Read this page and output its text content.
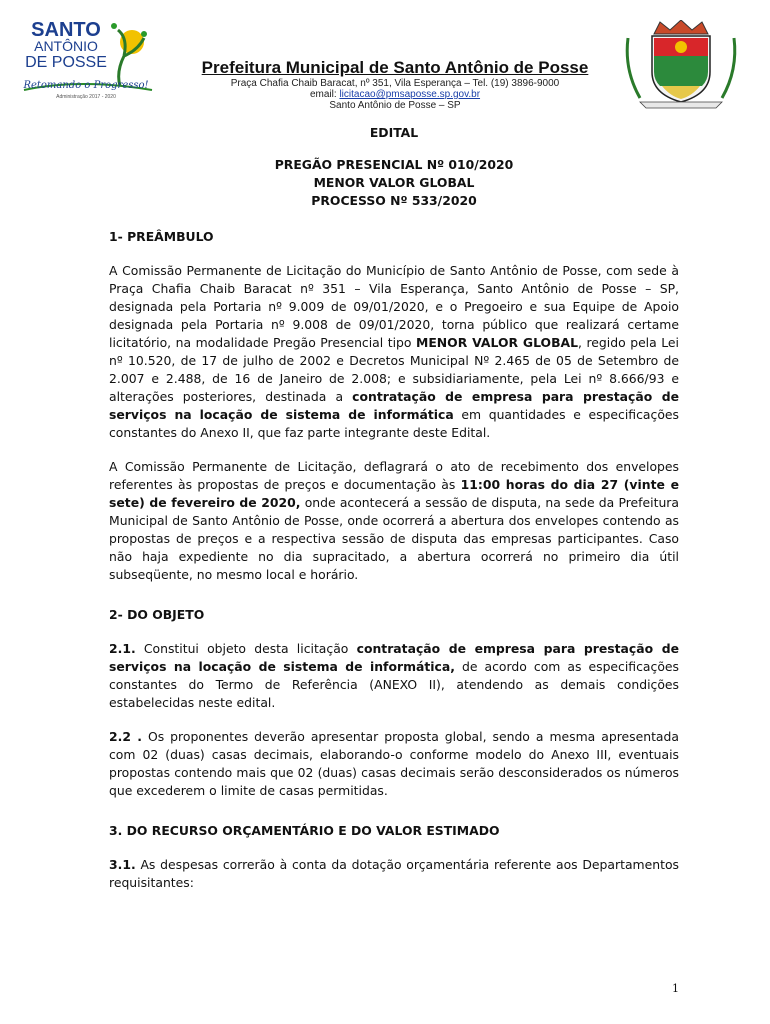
SANTO
ANTÔNIO
DE POSSE
Retomando o Progresso!
Administração 2017 - 2020

Prefeitura Municipal de Santo Antônio de Posse

Praça Chafia Chaib Baracat, nº 351, Vila Esperança – Tel. (19) 3896-9000
email: licitacao@pmsaposse.sp.gov.br
Santo Antônio de Posse – SP

EDITAL

PREGÃO PRESENCIAL Nº 010/2020

MENOR VALOR GLOBAL

PROCESSO Nº 533/2020

1- PREÂMBULO

A Comissão Permanente de Licitação do Município de Santo Antônio de Posse, com sede à Praça Chafia Chaib Baracat nº 351 – Vila Esperança, Santo Antônio de Posse – SP, designada pela Portaria nº 9.009 de 09/01/2020, e o Pregoeiro e sua Equipe de Apoio designada pela Portaria nº 9.008 de 09/01/2020, torna público que realizará certame licitatório, na modalidade Pregão Presencial tipo MENOR VALOR GLOBAL, regido pela Lei nº 10.520, de 17 de julho de 2002 e Decretos Municipal Nº 2.465 de 05 de Setembro de 2.007 e 2.488, de 16 de Janeiro de 2.008; e subsidiariamente, pela Lei nº 8.666/93 e alterações posteriores, destinada a contratação de empresa para prestação de serviços na locação de sistema de informática em quantidades e especificações constantes do Anexo II, que faz parte integrante deste Edital.

A Comissão Permanente de Licitação, deflagrará o ato de recebimento dos envelopes referentes às propostas de preços e documentação às 11:00 horas do dia 27 (vinte e sete) de fevereiro de 2020, onde acontecerá a sessão de disputa, na sede da Prefeitura Municipal de Santo Antônio de Posse, onde ocorrerá a abertura dos envelopes contendo as propostas de preços e a respectiva sessão de disputa das empresas participantes. Caso não haja expediente no dia supracitado, a abertura ocorrerá no primeiro dia útil subseqüente, no mesmo local e horário.

2- DO OBJETO

2.1. Constitui objeto desta licitação contratação de empresa para prestação de serviços na locação de sistema de informática, de acordo com as especificações constantes do Termo de Referência (ANEXO II), atendendo as demais condições estabelecidas neste edital.

2.2 . Os proponentes deverão apresentar proposta global, sendo a mesma apresentada com 02 (duas) casas decimais, elaborando-o conforme modelo do Anexo III, eventuais propostas contendo mais que 02 (duas) casas decimais serão desconsiderados os números que excederem o limite de casas permitidas.

3. DO RECURSO ORÇAMENTÁRIO E DO VALOR ESTIMADO

3.1. As despesas correrão à conta da dotação orçamentária referente aos Departamentos requisitantes:

1
